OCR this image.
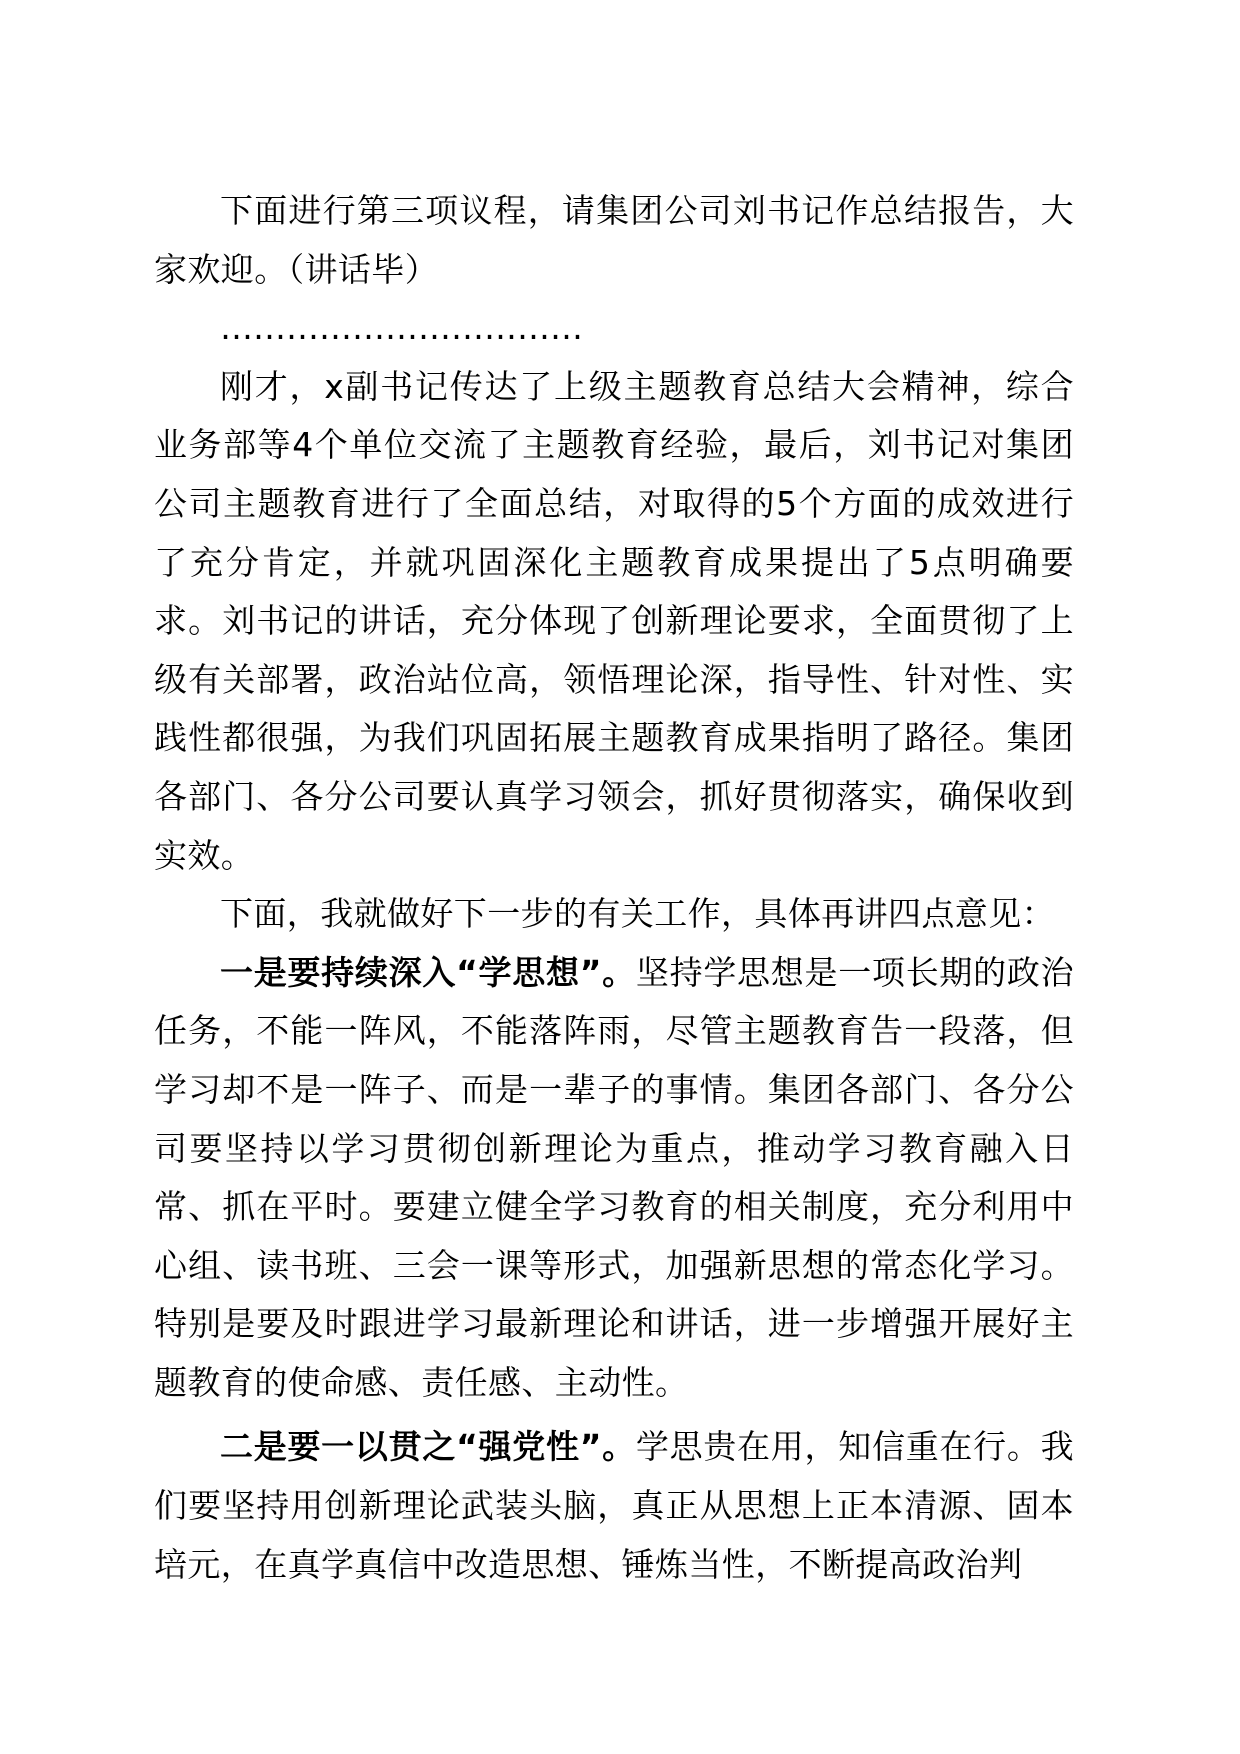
下面进行第三项议程，请集团公司刘书记作总结报告，大家欢迎。（讲话毕）

……………………………

刚才，x副书记传达了上级主题教育总结大会精神，综合业务部等4个单位交流了主题教育经验，最后，刘书记对集团公司主题教育进行了全面总结，对取得的5个方面的成效进行了充分肯定，并就巩固深化主题教育成果提出了5点明确要求。刘书记的讲话，充分体现了创新理论要求，全面贯彻了上级有关部署，政治站位高，领悟理论深，指导性、针对性、实践性都很强，为我们巩固拓展主题教育成果指明了路径。集团各部门、各分公司要认真学习领会，抓好贯彻落实，确保收到实效。

下面，我就做好下一步的有关工作，具体再讲四点意见：

一是要持续深入“学思想”。坚持学思想是一项长期的政治任务，不能一阵风，不能落阵雨，尽管主题教育告一段落，但学习却不是一阵子、而是一辈子的事情。集团各部门、各分公司要坚持以学习贯彻创新理论为重点，推动学习教育融入日常、抓在平时。要建立健全学习教育的相关制度，充分利用中心组、读书班、三会一课等形式，加强新思想的常态化学习。特别是要及时跟进学习最新理论和讲话，进一步增强开展好主题教育的使命感、责任感、主动性。

二是要一以贯之“强党性”。学思贵在用，知信重在行。我们要坚持用创新理论武装头脑，真正从思想上正本清源、固本培元，在真学真信中改造思想、锤炼当性，不断提高政治判
